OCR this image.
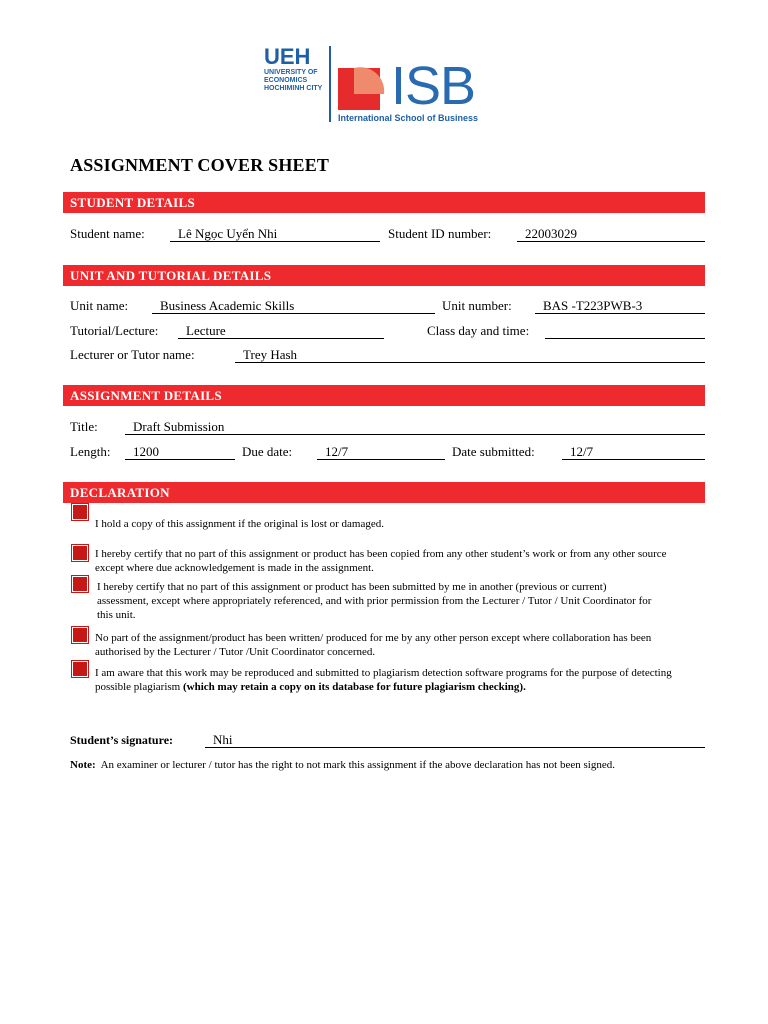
UEH
UNIVERSITY OF
ECONOMICS
HOCHIMINH CITY ISB
International School of Business
ASSIGNMENT COVER SHEET
STUDENT DETAILS
Student name:	Lê Ngọc Uyển Nhi	Student ID number:	22003029
UNIT AND TUTORIAL DETAILS
Unit name:	Business Academic Skills	Unit number:	BAS -T223PWB-3
Tutorial/Lecture:	Lecture	Class day and time:
Lecturer or Tutor name:	Trey Hash
ASSIGNMENT DETAILS
Title:	Draft Submission
Length:	1200	Due date:	12/7	Date submitted:	12/7
DECLARATION
I hold a copy of this assignment if the original is lost or damaged.
I hereby certify that no part of this assignment or product has been copied from any other student’s work or from any other source except where due acknowledgement is made in the assignment.
I hereby certify that no part of this assignment or product has been submitted by me in another (previous or current) assessment, except where appropriately referenced, and with prior permission from the Lecturer / Tutor / Unit Coordinator for this unit.
No part of the assignment/product has been written/ produced for me by any other person except where collaboration has been authorised by the Lecturer / Tutor /Unit Coordinator concerned.
I am aware that this work may be reproduced and submitted to plagiarism detection software programs for the purpose of detecting possible plagiarism (which may retain a copy on its database for future plagiarism checking).
Student’s signature:	Nhi
Note: An examiner or lecturer / tutor has the right to not mark this assignment if the above declaration has not been signed.
